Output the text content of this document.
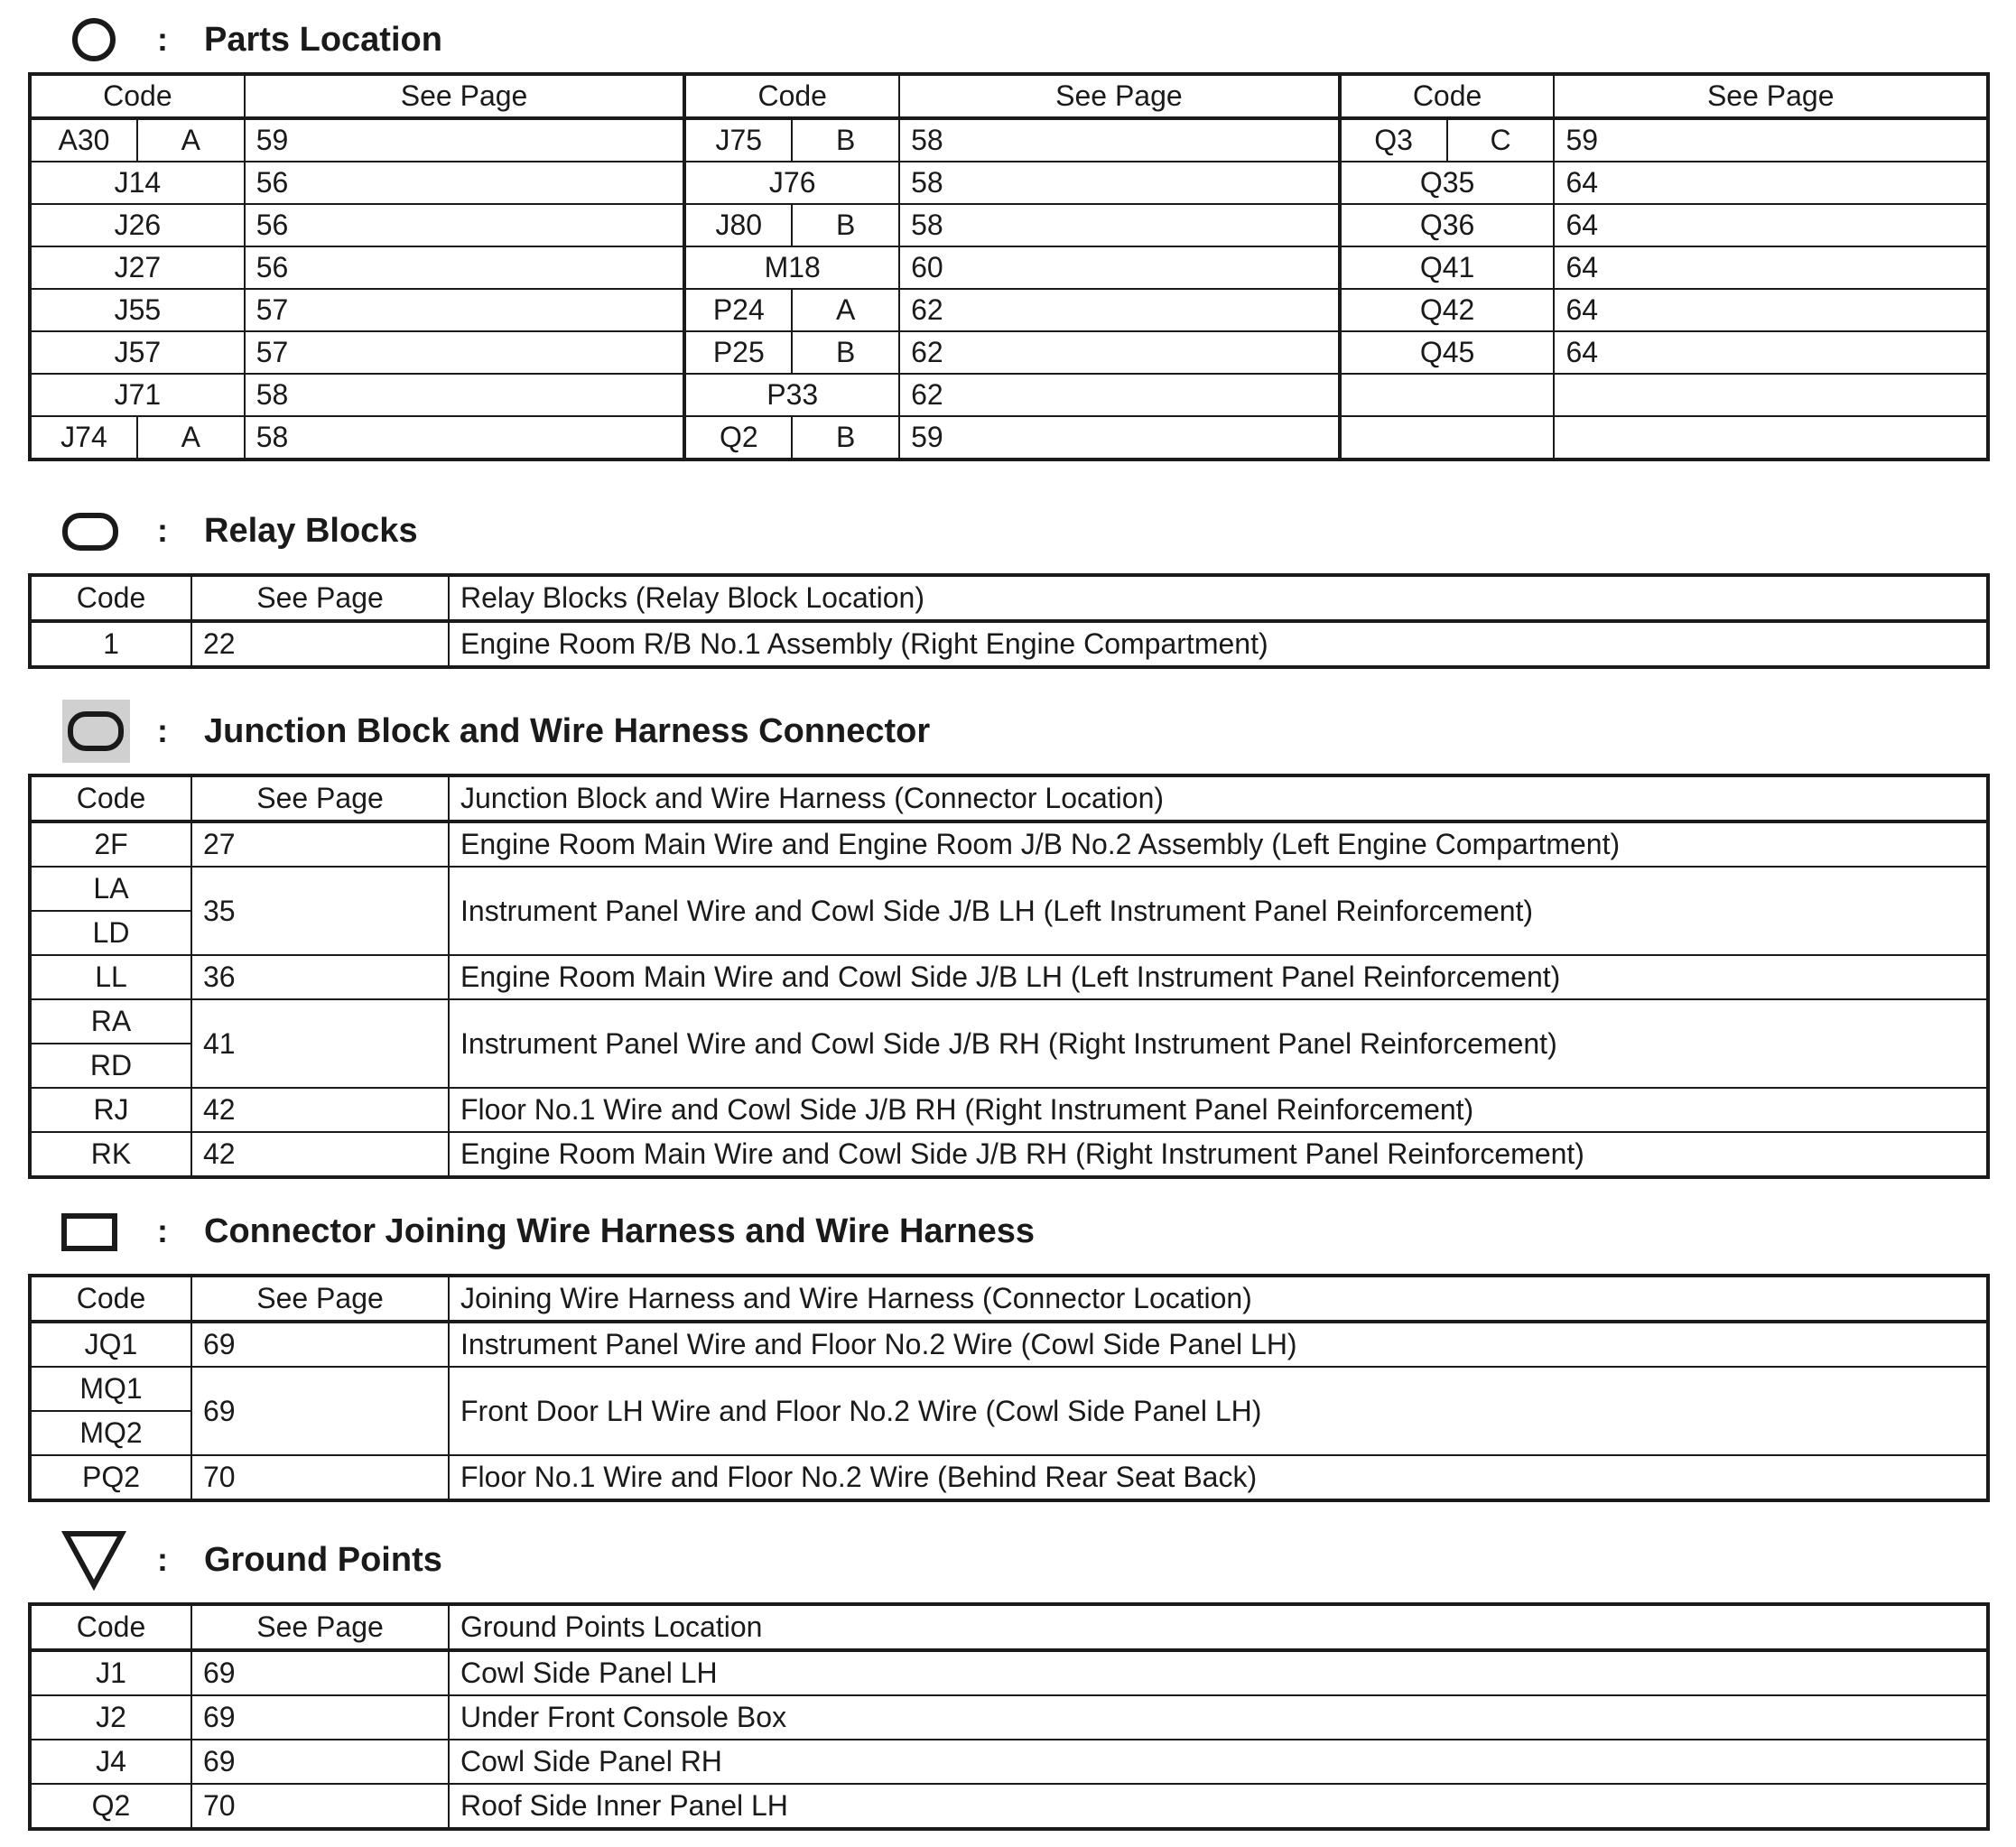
: Parts Location
Code		See Page	Code		See Page	Code		See Page
A30	A	59	J75	B	58	Q3	C	59
J14		56	J76		58	Q35		64
J26		56	J80	B	58	Q36		64
J27		56	M18		60	Q41		64
J55		57	P24	A	62	Q42		64
J57		57	P25	B	62	Q45		64
J71		58	P33		62			
J74	A	58	Q2	B	59			
: Relay Blocks
Code	See Page	Relay Blocks (Relay Block Location)
1	22	Engine Room R/B No.1 Assembly (Right Engine Compartment)
: Junction Block and Wire Harness Connector
Code	See Page	Junction Block and Wire Harness (Connector Location)
2F	27	Engine Room Main Wire and Engine Room J/B No.2 Assembly (Left Engine Compartment)
LA	35	Instrument Panel Wire and Cowl Side J/B LH (Left Instrument Panel Reinforcement)
LD		
LL	36	Engine Room Main Wire and Cowl Side J/B LH (Left Instrument Panel Reinforcement)
RA	41	Instrument Panel Wire and Cowl Side J/B RH (Right Instrument Panel Reinforcement)
RD		
RJ	42	Floor No.1 Wire and Cowl Side J/B RH (Right Instrument Panel Reinforcement)
RK	42	Engine Room Main Wire and Cowl Side J/B RH (Right Instrument Panel Reinforcement)
: Connector Joining Wire Harness and Wire Harness
Code	See Page	Joining Wire Harness and Wire Harness (Connector Location)
JQ1	69	Instrument Panel Wire and Floor No.2 Wire (Cowl Side Panel LH)
MQ1	69	Front Door LH Wire and Floor No.2 Wire (Cowl Side Panel LH)
MQ2		
PQ2	70	Floor No.1 Wire and Floor No.2 Wire (Behind Rear Seat Back)
: Ground Points
Code	See Page	Ground Points Location
J1	69	Cowl Side Panel LH
J2	69	Under Front Console Box
J4	69	Cowl Side Panel RH
Q2	70	Roof Side Inner Panel LH
